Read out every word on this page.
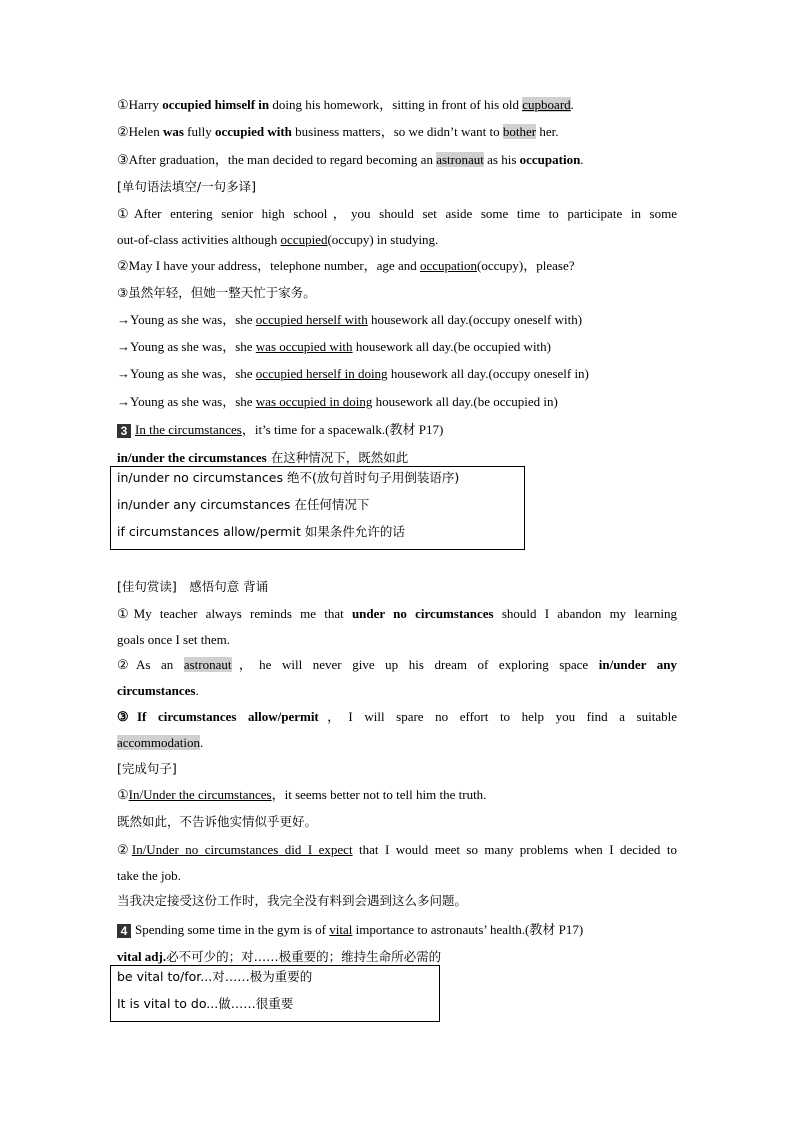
①Harry occupied himself in doing his homework，sitting in front of his old cupboard.
②Helen was fully occupied with business matters，so we didn’t want to bother her.
③After graduation，the man decided to regard becoming an astronaut as his occupation.
[单句语法填空/一句多译]
①After entering senior high school，you should set aside some time to participate in some
out-of-class activities although occupied(occupy) in studying.
②May I have your address，telephone number，age and occupation(occupy)，please?
③虽然年轻，但她一整天忙于家务。
→Young as she was，she occupied herself with housework all day.(occupy oneself with)
→Young as she was，she was occupied with housework all day.(be occupied with)
→Young as she was，she occupied herself in doing housework all day.(occupy oneself in)
→Young as she was，she was occupied in doing housework all day.(be occupied in)
3 In the circumstances，it’s time for a spacewalk.(教材 P17)
in/under the circumstances 在这种情况下，既然如此
in/under no circumstances 绝不(放句首时句子用倒装语序)
in/under any circumstances 在任何情况下
if circumstances allow/permit 如果条件允许的话
[佳句赏读]　感悟句意 背诵
①My teacher always reminds me that under no circumstances should I abandon my learning
goals once I set them.
②As an astronaut，he will never give up his dream of exploring space in/under any
circumstances.
③If circumstances allow/permit，I will spare no effort to help you find a suitable
accommodation.
[完成句子]
①In/Under the circumstances，it seems better not to tell him the truth.
既然如此，不告诉他实情似乎更好。
②In/Under no circumstances did I expect that I would meet so many problems when I decided to
take the job.
当我决定接受这份工作时，我完全没有料到会遇到这么多问题。
4 Spending some time in the gym is of vital importance to astronauts’ health.(教材 P17)
vital adj.必不可少的；对……极重要的；维持生命所必需的
be vital to/for...对……极为重要的
It is vital to do...做……很重要
